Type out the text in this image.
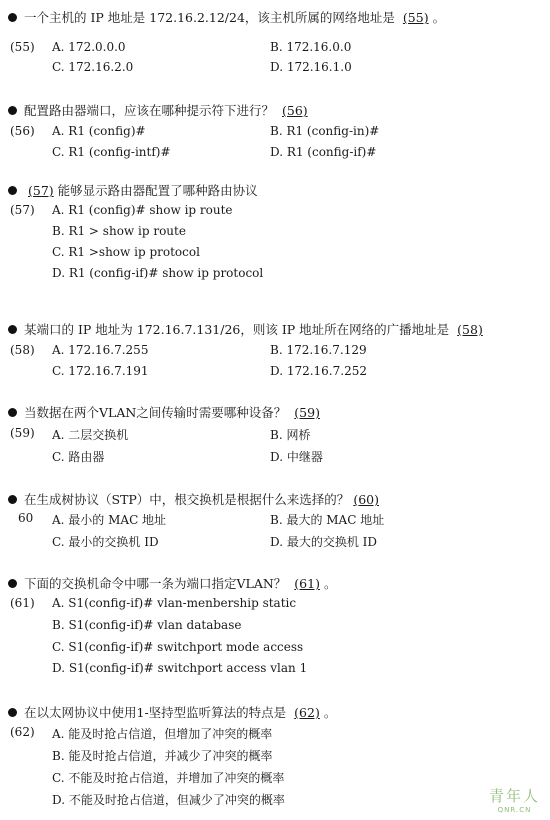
一个主机的 IP 地址是 172.16.2.12/24，该主机所属的网络地址是 (55) 。
(55) A. 172.0.0.0	B. 172.16.0.0
C. 172.16.2.0	D. 172.16.1.0
配置路由器端口，应该在哪种提示符下进行？ (56)
(56) A. R1 (config)#	B. R1 (config-in)#
C. R1 (config-intf)#	D. R1 (config-if)#
(57) 能够显示路由器配置了哪种路由协议
(57) A. R1 (config)# show ip route
B. R1 > show ip route
C. R1 >show ip protocol
D. R1 (config-if)# show ip protocol
某端口的 IP 地址为 172.16.7.131/26，则该 IP 地址所在网络的广播地址是 (58)
(58) A. 172.16.7.255	B. 172.16.7.129
C. 172.16.7.191	D. 172.16.7.252
当数据在两个VLAN之间传输时需要哪种设备？ (59)
(59) A. 二层交换机	B. 网桥
C. 路由器	D. 中继器
在生成树协议（STP）中，根交换机是根据什么来选择的？ (60)
60 A. 最小的 MAC 地址	B. 最大的 MAC 地址
C. 最小的交换机 ID	D. 最大的交换机 ID
下面的交换机命令中哪一条为端口指定VLAN？ (61) 。
(61) A. S1(config-if)# vlan-menbership static
B. S1(config-if)# vlan database
C. S1(config-if)# switchport mode access
D. S1(config-if)# switchport access vlan 1
在以太网协议中使用1-坚持型监听算法的特点是 (62) 。
(62) A. 能及时抢占信道，但增加了冲突的概率
B. 能及时抢占信道，并减少了冲突的概率
C. 不能及时抢占信道，并增加了冲突的概率
D. 不能及时抢占信道，但减少了冲突的概率	青年人
QNR.CN
